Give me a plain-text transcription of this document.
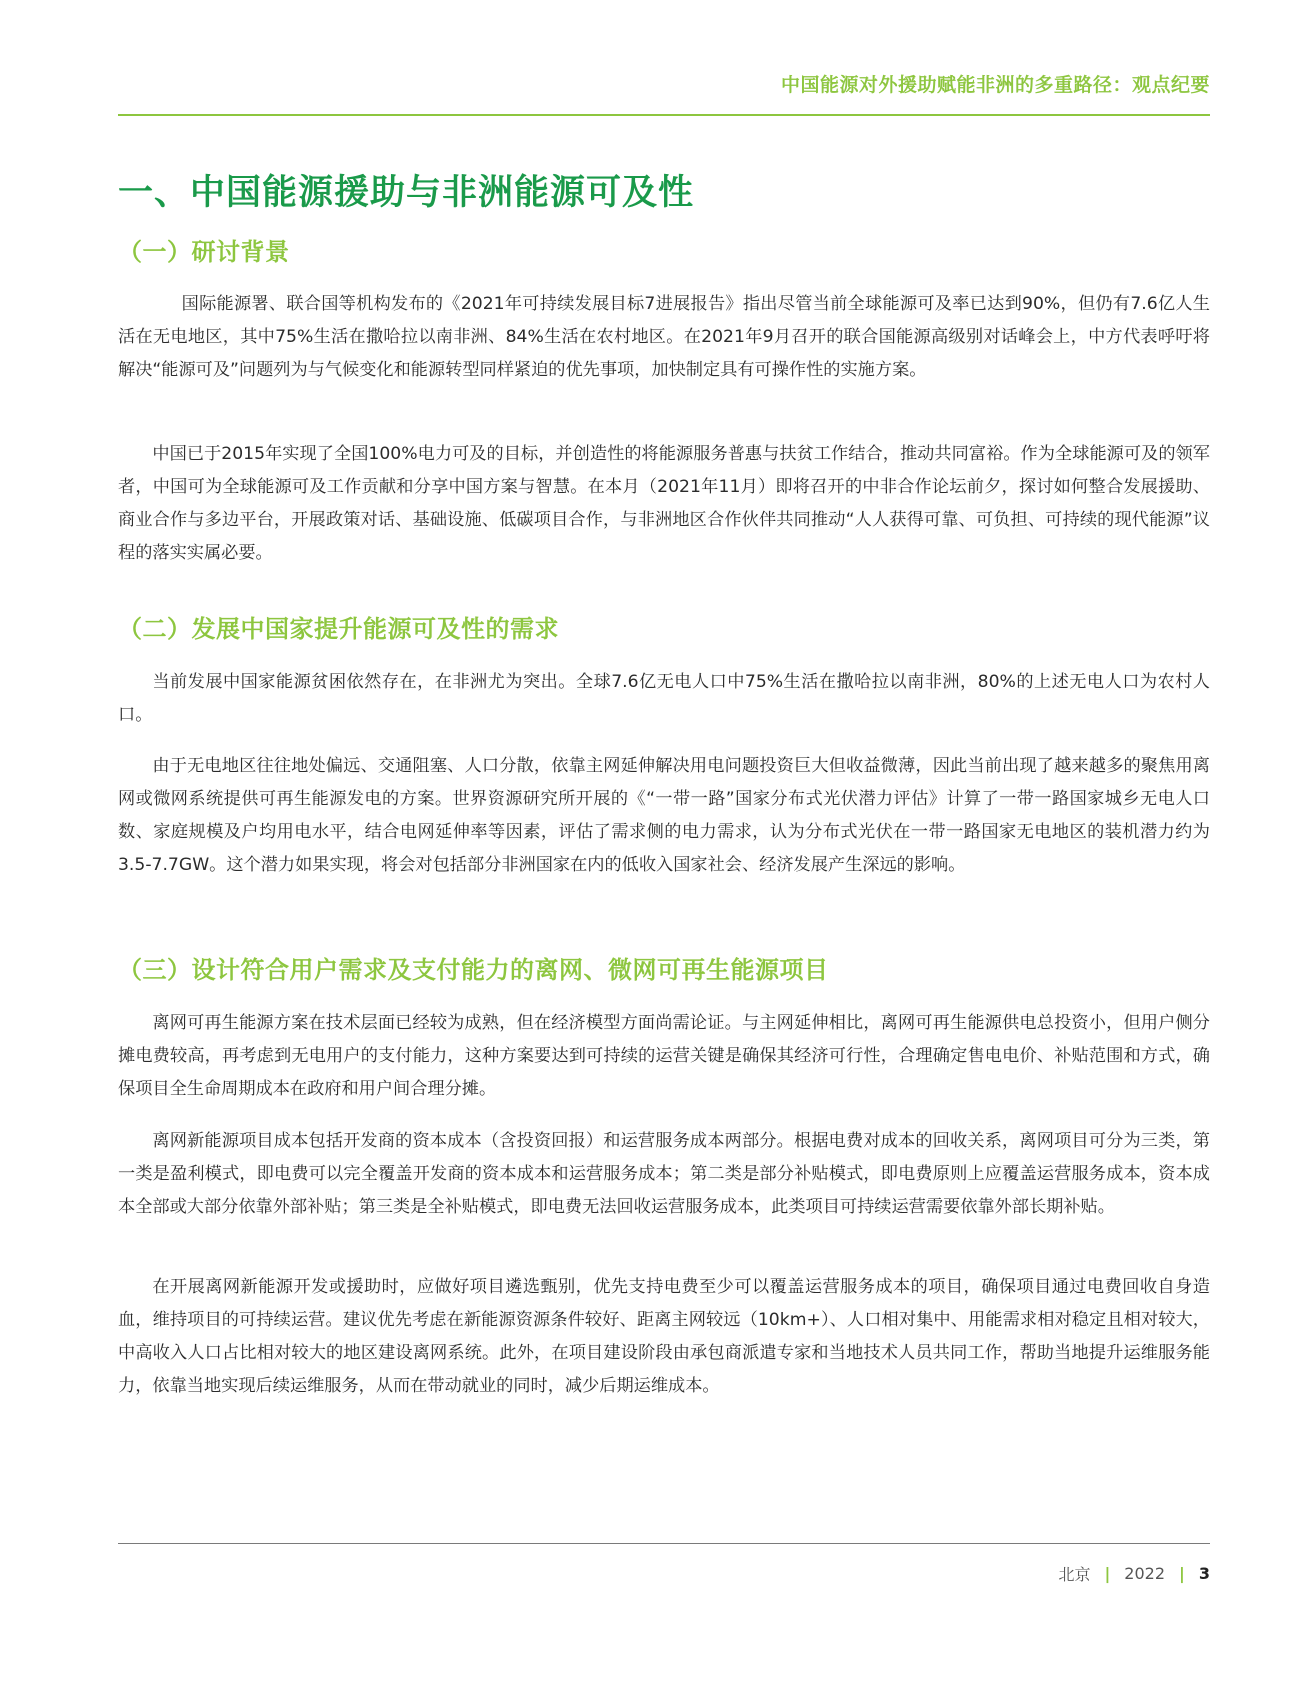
中国能源对外援助赋能非洲的多重路径：观点纪要
一、中国能源援助与非洲能源可及性
（一）研讨背景

国际能源署、联合国等机构发布的《2021年可持续发展目标7进展报告》指出尽管当前全球能源可及率已达到90%，但仍有7.6亿人生活在无电地区，其中75%生活在撒哈拉以南非洲、84%生活在农村地区。在2021年9月召开的联合国能源高级别对话峰会上，中方代表呼吁将解决“能源可及”问题列为与气候变化和能源转型同样紧迫的优先事项，加快制定具有可操作性的实施方案。

中国已于2015年实现了全国100%电力可及的目标，并创造性的将能源服务普惠与扶贫工作结合，推动共同富裕。作为全球能源可及的领军者，中国可为全球能源可及工作贡献和分享中国方案与智慧。在本月（2021年11月）即将召开的中非合作论坛前夕，探讨如何整合发展援助、商业合作与多边平台，开展政策对话、基础设施、低碳项目合作，与非洲地区合作伙伴共同推动“人人获得可靠、可负担、可持续的现代能源”议程的落实实属必要。

（二）发展中国家提升能源可及性的需求

当前发展中国家能源贫困依然存在，在非洲尤为突出。全球7.6亿无电人口中75%生活在撒哈拉以南非洲，80%的上述无电人口为农村人口。

由于无电地区往往地处偏远、交通阻塞、人口分散，依靠主网延伸解决用电问题投资巨大但收益微薄，因此当前出现了越来越多的聚焦用离网或微网系统提供可再生能源发电的方案。世界资源研究所开展的《“一带一路”国家分布式光伏潜力评估》计算了一带一路国家城乡无电人口数、家庭规模及户均用电水平，结合电网延伸率等因素，评估了需求侧的电力需求，认为分布式光伏在一带一路国家无电地区的装机潜力约为3.5-7.7GW。这个潜力如果实现，将会对包括部分非洲国家在内的低收入国家社会、经济发展产生深远的影响。

（三）设计符合用户需求及支付能力的离网、微网可再生能源项目

离网可再生能源方案在技术层面已经较为成熟，但在经济模型方面尚需论证。与主网延伸相比，离网可再生能源供电总投资小，但用户侧分摊电费较高，再考虑到无电用户的支付能力，这种方案要达到可持续的运营关键是确保其经济可行性，合理确定售电电价、补贴范围和方式，确保项目全生命周期成本在政府和用户间合理分摊。

离网新能源项目成本包括开发商的资本成本（含投资回报）和运营服务成本两部分。根据电费对成本的回收关系，离网项目可分为三类，第一类是盈利模式，即电费可以完全覆盖开发商的资本成本和运营服务成本；第二类是部分补贴模式，即电费原则上应覆盖运营服务成本，资本成本全部或大部分依靠外部补贴；第三类是全补贴模式，即电费无法回收运营服务成本，此类项目可持续运营需要依靠外部长期补贴。

在开展离网新能源开发或援助时，应做好项目遴选甄别，优先支持电费至少可以覆盖运营服务成本的项目，确保项目通过电费回收自身造血，维持项目的可持续运营。建议优先考虑在新能源资源条件较好、距离主网较远（10km+）、人口相对集中、用能需求相对稳定且相对较大，中高收入人口占比相对较大的地区建设离网系统。此外，在项目建设阶段由承包商派遣专家和当地技术人员共同工作，帮助当地提升运维服务能力，依靠当地实现后续运维服务，从而在带动就业的同时，减少后期运维成本。

北京 | 2022 | 3
